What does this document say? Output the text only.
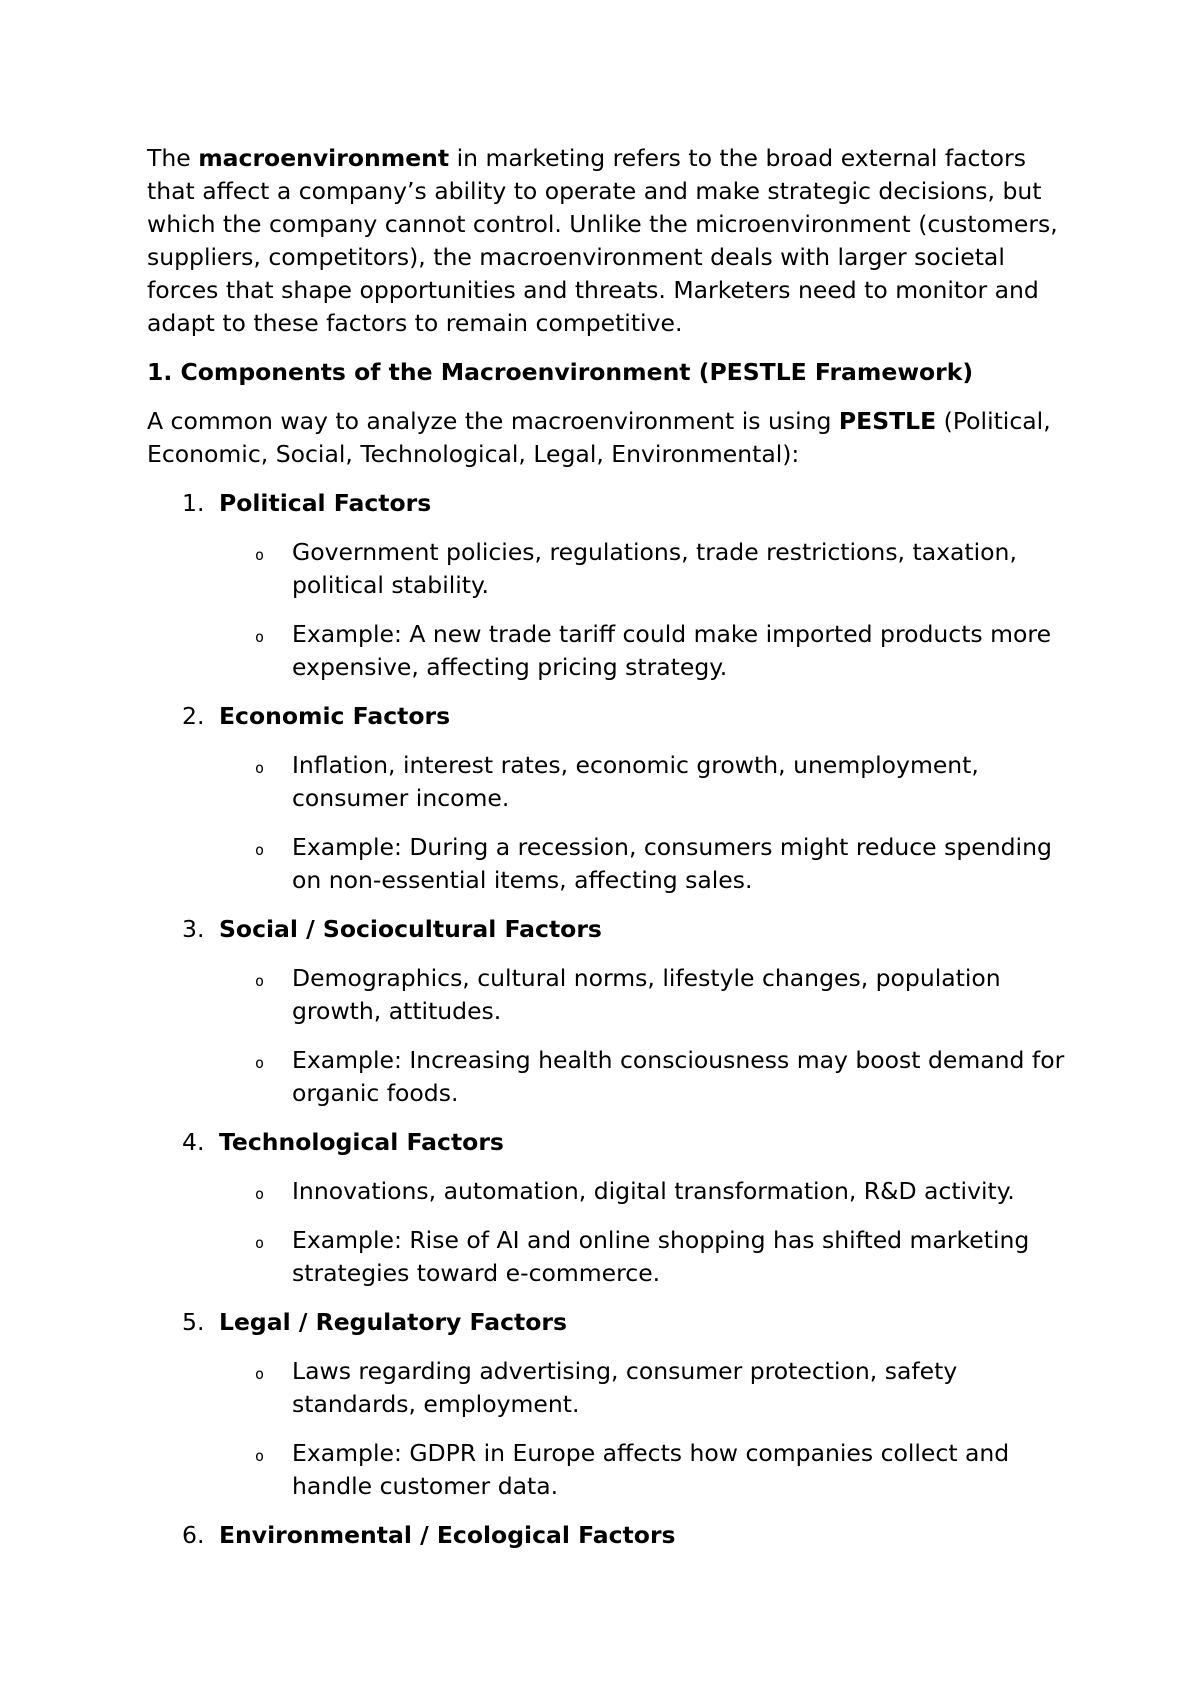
The macroenvironment in marketing refers to the broad external factors that affect a company’s ability to operate and make strategic decisions, but which the company cannot control. Unlike the microenvironment (customers, suppliers, competitors), the macroenvironment deals with larger societal forces that shape opportunities and threats. Marketers need to monitor and adapt to these factors to remain competitive.

1. Components of the Macroenvironment (PESTLE Framework)

A common way to analyze the macroenvironment is using PESTLE (Political, Economic, Social, Technological, Legal, Environmental):

1. Political Factors
o Government policies, regulations, trade restrictions, taxation, political stability.
o Example: A new trade tariff could make imported products more expensive, affecting pricing strategy.
2. Economic Factors
o Inflation, interest rates, economic growth, unemployment, consumer income.
o Example: During a recession, consumers might reduce spending on non-essential items, affecting sales.
3. Social / Sociocultural Factors
o Demographics, cultural norms, lifestyle changes, population growth, attitudes.
o Example: Increasing health consciousness may boost demand for organic foods.
4. Technological Factors
o Innovations, automation, digital transformation, R&D activity.
o Example: Rise of AI and online shopping has shifted marketing strategies toward e-commerce.
5. Legal / Regulatory Factors
o Laws regarding advertising, consumer protection, safety standards, employment.
o Example: GDPR in Europe affects how companies collect and handle customer data.
6. Environmental / Ecological Factors
